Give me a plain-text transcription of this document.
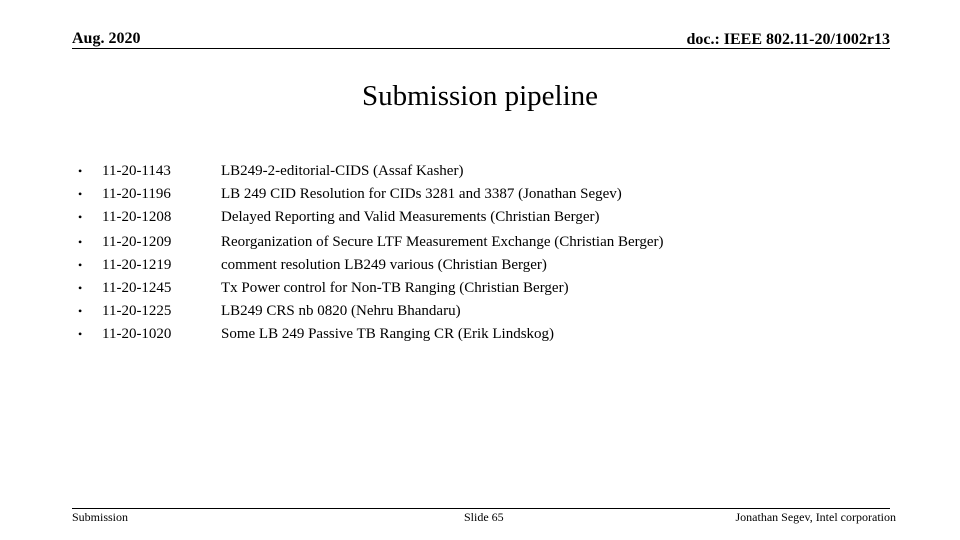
Aug. 2020	doc.: IEEE 802.11-20/1002r13
Submission pipeline
• 11-20-1143	LB249-2-editorial-CIDS (Assaf Kasher)
• 11-20-1196	LB 249 CID Resolution for CIDs 3281 and 3387 (Jonathan Segev)
• 11-20-1208	Delayed Reporting and Valid Measurements (Christian Berger)
• 11-20-1209	Reorganization of Secure LTF Measurement Exchange (Christian Berger)
• 11-20-1219	comment resolution LB249 various (Christian Berger)
• 11-20-1245	Tx Power control for Non-TB Ranging (Christian Berger)
• 11-20-1225	LB249 CRS nb 0820 (Nehru Bhandaru)
• 11-20-1020	Some LB 249 Passive TB Ranging CR (Erik Lindskog)
Submission	Slide 65	Jonathan Segev, Intel corporation
